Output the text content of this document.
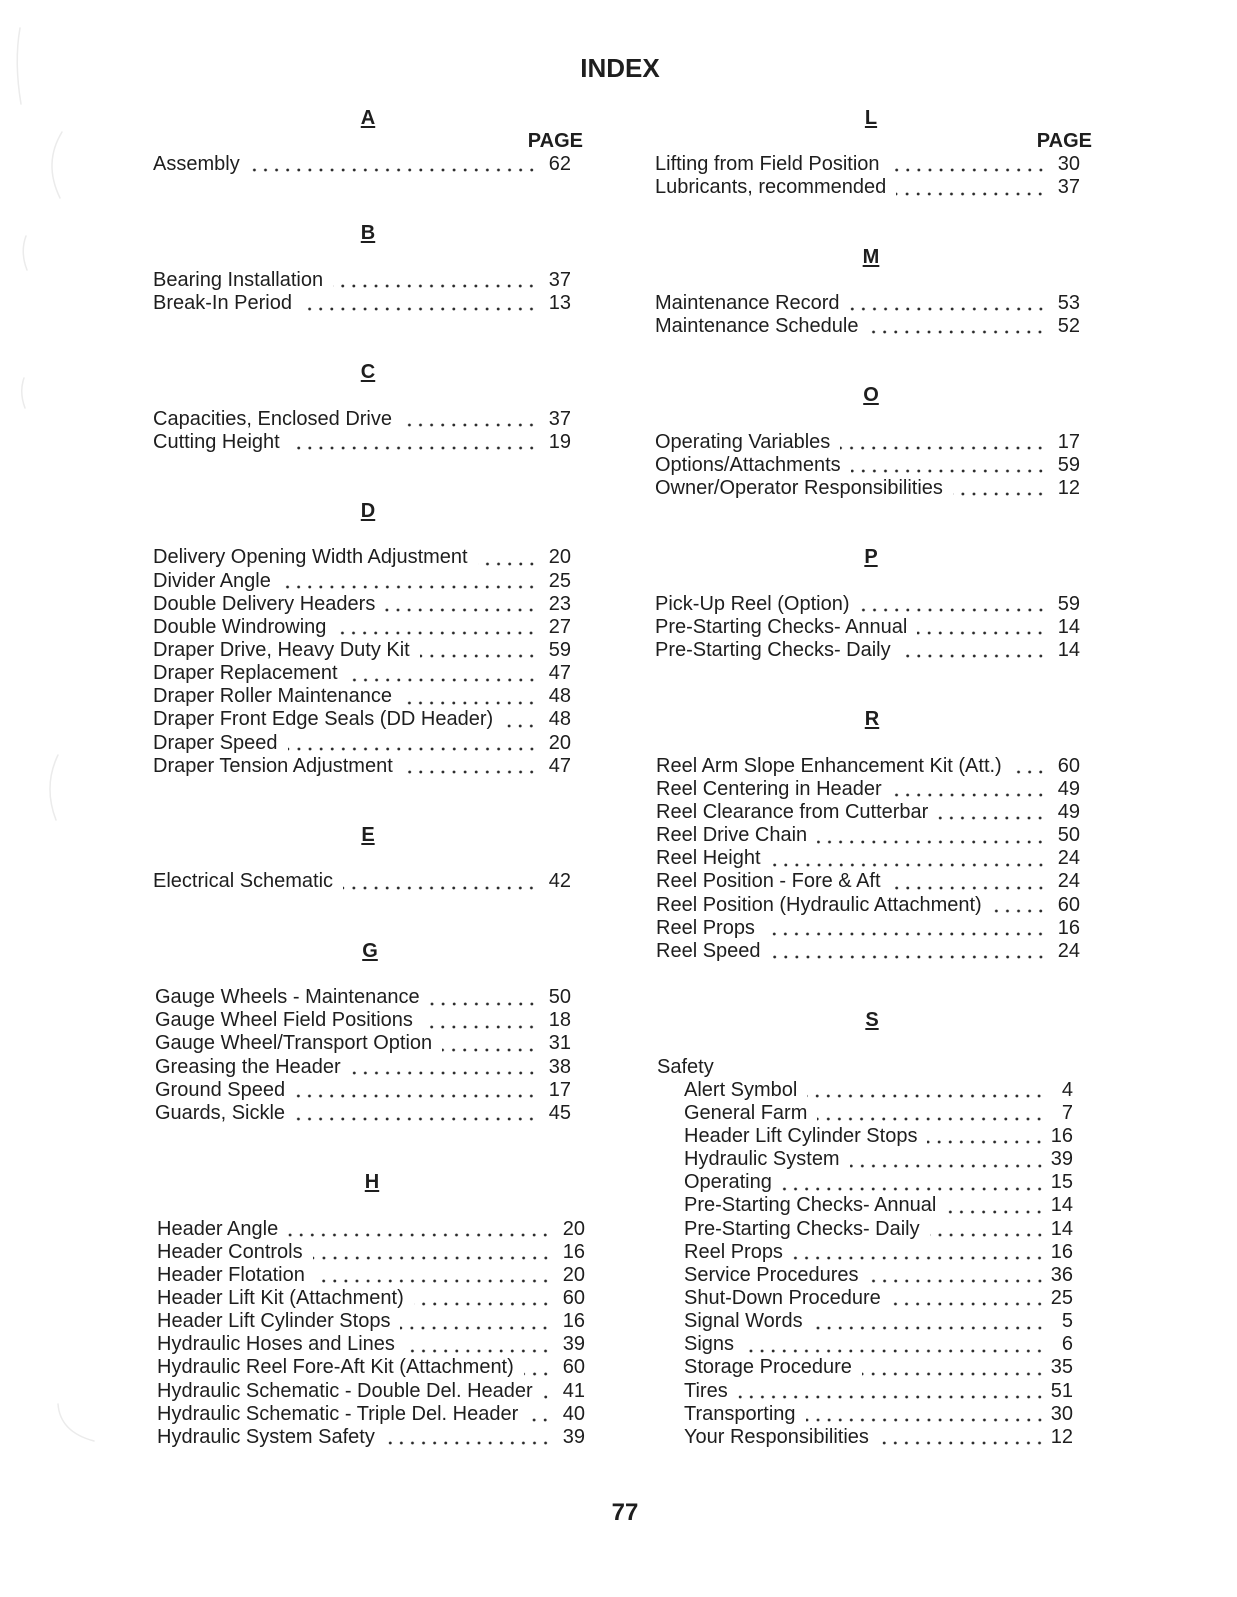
INDEX
A
PAGE
Assembly	62
B
Bearing Installation	37
Break-In Period	13
C
Capacities, Enclosed Drive	37
Cutting Height	19
D
Delivery Opening Width Adjustment	20
Divider Angle	25
Double Delivery Headers	23
Double Windrowing	27
Draper Drive, Heavy Duty Kit	59
Draper Replacement	47
Draper Roller Maintenance	48
Draper Front Edge Seals (DD Header)	48
Draper Speed	20
Draper Tension Adjustment	47
E
Electrical Schematic	42
G
Gauge Wheels - Maintenance	50
Gauge Wheel Field Positions	18
Gauge Wheel/Transport Option	31
Greasing the Header	38
Ground Speed	17
Guards, Sickle	45
H
Header Angle	20
Header Controls	16
Header Flotation	20
Header Lift Kit (Attachment)	60
Header Lift Cylinder Stops	16
Hydraulic Hoses and Lines	39
Hydraulic Reel Fore-Aft Kit (Attachment)	60
Hydraulic Schematic - Double Del. Header	41
Hydraulic Schematic - Triple Del. Header	40
Hydraulic System Safety	39
L
PAGE
Lifting from Field Position	30
Lubricants, recommended	37
M
Maintenance Record	53
Maintenance Schedule	52
O
Operating Variables	17
Options/Attachments	59
Owner/Operator Responsibilities	12
P
Pick-Up Reel (Option)	59
Pre-Starting Checks- Annual	14
Pre-Starting Checks- Daily	14
R
Reel Arm Slope Enhancement Kit (Att.)	60
Reel Centering in Header	49
Reel Clearance from Cutterbar	49
Reel Drive Chain	50
Reel Height	24
Reel Position - Fore & Aft	24
Reel Position (Hydraulic Attachment)	60
Reel Props	16
Reel Speed	24
S
Safety
Alert Symbol	4
General Farm	7
Header Lift Cylinder Stops	16
Hydraulic System	39
Operating	15
Pre-Starting Checks- Annual	14
Pre-Starting Checks- Daily	14
Reel Props	16
Service Procedures	36
Shut-Down Procedure	25
Signal Words	5
Signs	6
Storage Procedure	35
Tires	51
Transporting	30
Your Responsibilities	12
77
